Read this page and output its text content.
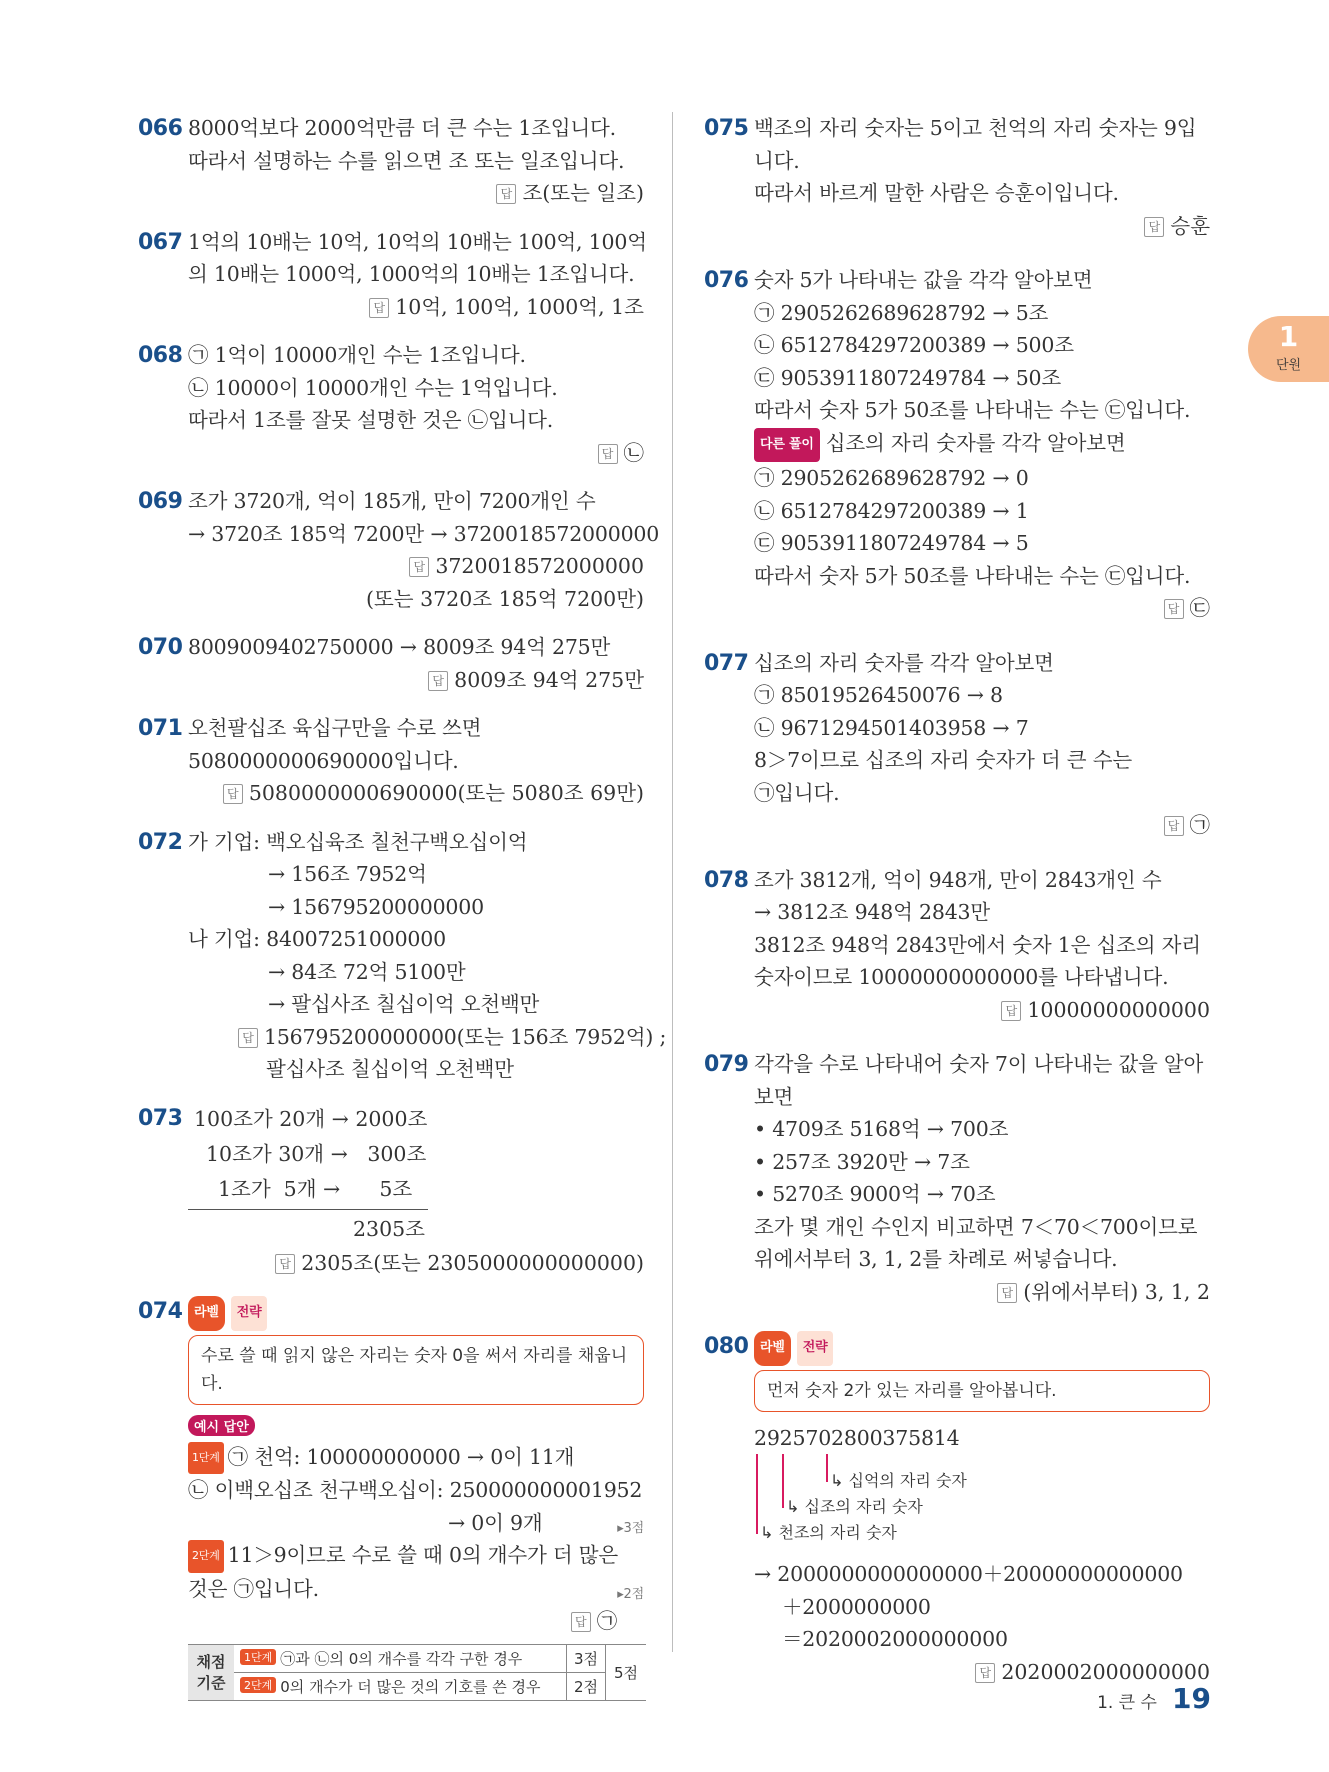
1
단원
066 8000억보다 2000억만큼 더 큰 수는 1조입니다.
따라서 설명하는 수를 읽으면 조 또는 일조입니다.
답 조(또는 일조)
067 1억의 10배는 10억, 10억의 10배는 100억, 100억
의 10배는 1000억, 1000억의 10배는 1조입니다.
답 10억, 100억, 1000억, 1조
068 ㉠ 1억이 10000개인 수는 1조입니다.
㉡ 10000이 10000개인 수는 1억입니다.
따라서 1조를 잘못 설명한 것은 ㉡입니다.
답 ㉡
069 조가 3720개, 억이 185개, 만이 7200개인 수
→ 3720조 185억 7200만 → 3720018572000000
답 3720018572000000
(또는 3720조 185억 7200만)
070 8009009402750000 → 8009조 94억 275만
답 8009조 94억 275만
071 오천팔십조 육십구만을 수로 쓰면
5080000000690000입니다.
답 5080000000690000(또는 5080조 69만)
072 가 기업: 백오십육조 칠천구백오십이억
→ 156조 7952억
→ 156795200000000
나 기업: 84007251000000
→ 84조 72억 5100만
→ 팔십사조 칠십이억 오천백만
답 156795200000000(또는 156조 7952억) ;
팔십사조 칠십이억 오천백만
073 100조가 20개 → 2000조
10조가 30개 →   300조
1조가  5개 →      5조
2305조
답 2305조(또는 2305000000000000)
074 라벨 전략
수로 쓸 때 읽지 않은 자리는 숫자 0을 써서 자리를 채웁니다.
예시 답안
1단계 ㉠ 천억: 100000000000 → 0이 11개
㉡ 이백오십조 천구백오십이: 250000000001952
→ 0이 9개	▸3점
2단계 11＞9이므로 수로 쓸 때 0의 개수가 더 많은
것은 ㉠입니다.	▸2점
답 ㉠
채점 기준	1단계 ㉠과 ㉡의 0의 개수를 각각 구한 경우	3점	5점
	2단계 0의 개수가 더 많은 것의 기호를 쓴 경우	2점	
075 백조의 자리 숫자는 5이고 천억의 자리 숫자는 9입
니다.
따라서 바르게 말한 사람은 승훈이입니다.
답 승훈
076 숫자 5가 나타내는 값을 각각 알아보면
㉠ 2905262689628792 → 5조
㉡ 6512784297200389 → 500조
㉢ 9053911807249784 → 50조
따라서 숫자 5가 50조를 나타내는 수는 ㉢입니다.
다른 풀이 십조의 자리 숫자를 각각 알아보면
㉠ 2905262689628792 → 0
㉡ 6512784297200389 → 1
㉢ 9053911807249784 → 5
따라서 숫자 5가 50조를 나타내는 수는 ㉢입니다.
답 ㉢
077 십조의 자리 숫자를 각각 알아보면
㉠ 85019526450076 → 8
㉡ 9671294501403958 → 7
8＞7이므로 십조의 자리 숫자가 더 큰 수는
㉠입니다.
답 ㉠
078 조가 3812개, 억이 948개, 만이 2843개인 수
→ 3812조 948억 2843만
3812조 948억 2843만에서 숫자 1은 십조의 자리
숫자이므로 10000000000000를 나타냅니다.
답 10000000000000
079 각각을 수로 나타내어 숫자 7이 나타내는 값을 알아
보면
• 4709조 5168억 → 700조
• 257조 3920만 → 7조
• 5270조 9000억 → 70조
조가 몇 개인 수인지 비교하면 7＜70＜700이므로
위에서부터 3, 1, 2를 차례로 써넣습니다.
답 (위에서부터) 3, 1, 2
080 라벨 전략
먼저 숫자 2가 있는 자리를 알아봅니다.
2925702800375814
↳ 십억의 자리 숫자
↳ 십조의 자리 숫자
↳ 천조의 자리 숫자
→ 2000000000000000＋20000000000000
＋2000000000
＝2020002000000000
답 2020002000000000
1. 큰 수 19
